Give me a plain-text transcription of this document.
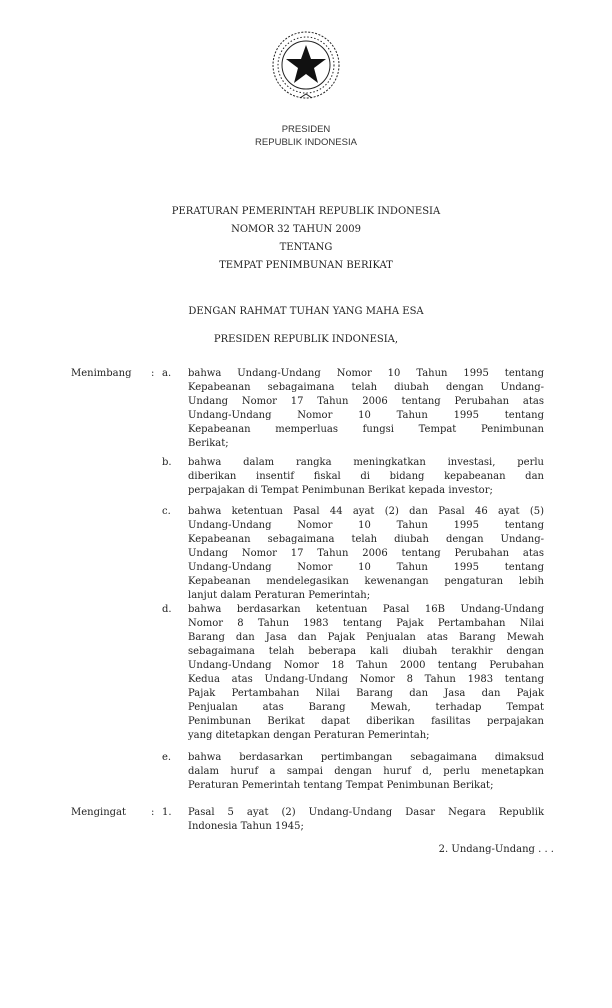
PRESIDEN
REPUBLIK INDONESIA
PERATURAN PEMERINTAH REPUBLIK INDONESIA
NOMOR 32 TAHUN 2009
TENTANG
TEMPAT PENIMBUNAN BERIKAT
DENGAN RAHMAT TUHAN YANG MAHA ESA
PRESIDEN REPUBLIK INDONESIA,
Menimbang : a. bahwa Undang-Undang Nomor 10 Tahun 1995 tentang
Kepabeanan sebagaimana telah diubah dengan Undang-
Undang Nomor 17 Tahun 2006 tentang Perubahan atas
Undang-Undang Nomor 10 Tahun 1995 tentang
Kepabeanan memperluas fungsi Tempat Penimbunan
Berikat;
b. bahwa dalam rangka meningkatkan investasi, perlu
diberikan insentif fiskal di bidang kepabeanan dan
perpajakan di Tempat Penimbunan Berikat kepada investor;
c. bahwa ketentuan Pasal 44 ayat (2) dan Pasal 46 ayat (5)
Undang-Undang Nomor 10 Tahun 1995 tentang
Kepabeanan sebagaimana telah diubah dengan Undang-
Undang Nomor 17 Tahun 2006 tentang Perubahan atas
Undang-Undang Nomor 10 Tahun 1995 tentang
Kepabeanan mendelegasikan kewenangan pengaturan lebih
lanjut dalam Peraturan Pemerintah;
d. bahwa berdasarkan ketentuan Pasal 16B Undang-Undang
Nomor 8 Tahun 1983 tentang Pajak Pertambahan Nilai
Barang dan Jasa dan Pajak Penjualan atas Barang Mewah
sebagaimana telah beberapa kali diubah terakhir dengan
Undang-Undang Nomor 18 Tahun 2000 tentang Perubahan
Kedua atas Undang-Undang Nomor 8 Tahun 1983 tentang
Pajak Pertambahan Nilai Barang dan Jasa dan Pajak
Penjualan atas Barang Mewah, terhadap Tempat
Penimbunan Berikat dapat diberikan fasilitas perpajakan
yang ditetapkan dengan Peraturan Pemerintah;
e. bahwa berdasarkan pertimbangan sebagaimana dimaksud
dalam huruf a sampai dengan huruf d, perlu menetapkan
Peraturan Pemerintah tentang Tempat Penimbunan Berikat;
Mengingat : 1. Pasal 5 ayat (2) Undang-Undang Dasar Negara Republik
Indonesia Tahun 1945;
2. Undang-Undang . . .
